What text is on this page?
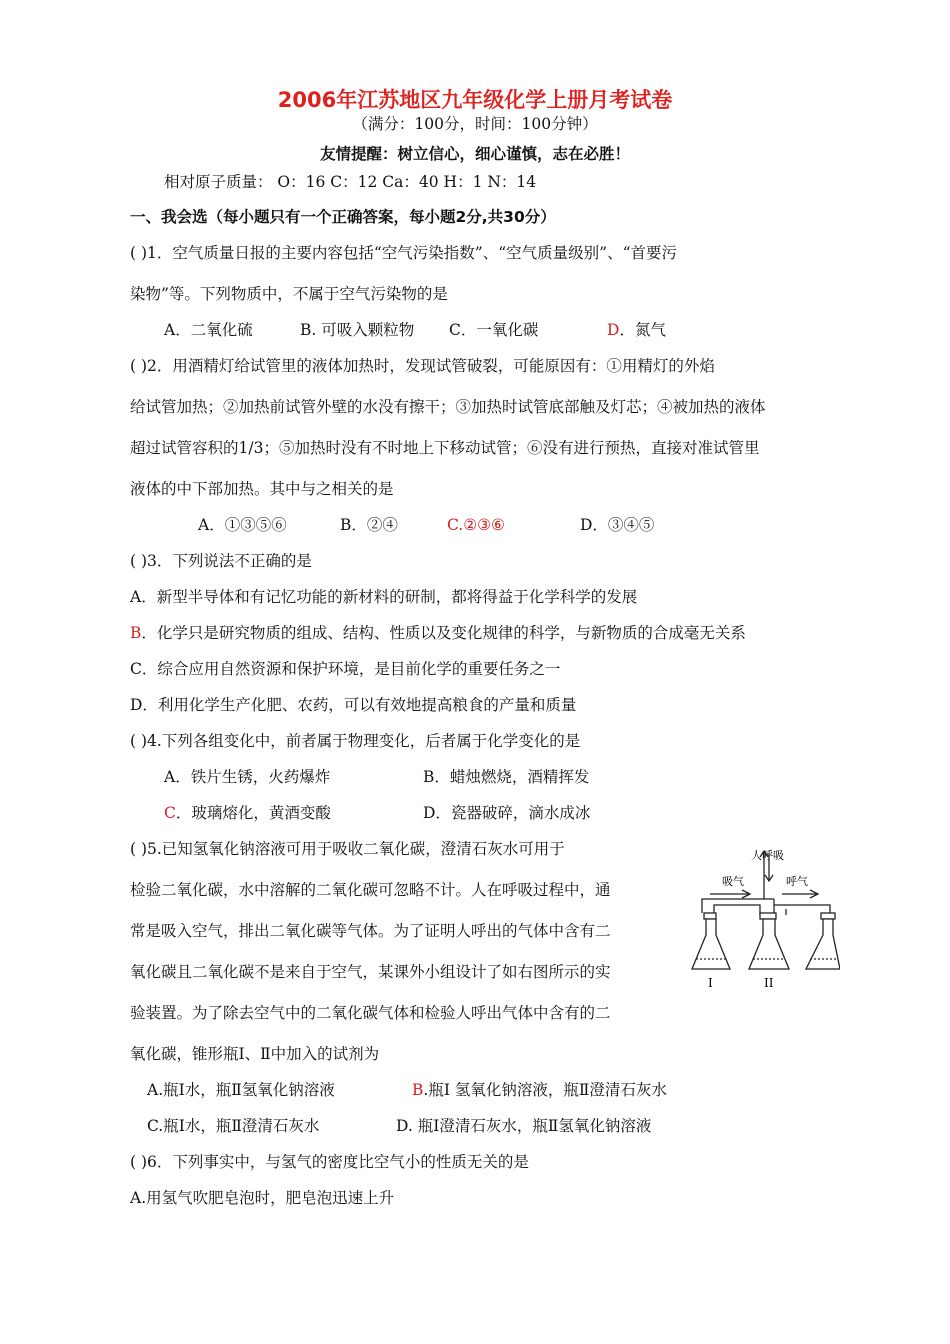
2006年江苏地区九年级化学上册月考试卷
（满分：100分，时间：100分钟）
友情提醒：树立信心，细心谨慎，志在必胜！
相对原子质量： O：16 C：12 Ca：40 H：1 N：14
一、我会选（每小题只有一个正确答案，每小题2分,共30分）
( )1．空气质量日报的主要内容包括“空气污染指数”、“空气质量级别”、“首要污
染物”等。下列物质中，不属于空气污染物的是
A．二氧化硫	B. 可吸入颗粒物 C．一氧化碳	D．氮气
( )2．用酒精灯给试管里的液体加热时，发现试管破裂，可能原因有：①用精灯的外焰
给试管加热；②加热前试管外壁的水没有擦干；③加热时试管底部触及灯芯；④被加热的液体
超过试管容积的1/3；⑤加热时没有不时地上下移动试管；⑥没有进行预热，直接对准试管里
液体的中下部加热。其中与之相关的是
A．①③⑤⑥	B．②④	C.②③⑥	D．③④⑤
( )3．下列说法不正确的是
A．新型半导体和有记忆功能的新材料的研制，都将得益于化学科学的发展
B．化学只是研究物质的组成、结构、性质以及变化规律的科学，与新物质的合成毫无关系
C．综合应用自然资源和保护环境，是目前化学的重要任务之一
D．利用化学生产化肥、农药，可以有效地提高粮食的产量和质量
( )4.下列各组变化中，前者属于物理变化，后者属于化学变化的是
A．铁片生锈，火药爆炸	B．蜡烛燃烧，酒精挥发
C．玻璃熔化，黄酒变酸	D．瓷器破碎，滴水成冰
( )5.已知氢氧化钠溶液可用于吸收二氧化碳，澄清石灰水可用于
检验二氧化碳，水中溶解的二氧化碳可忽略不计。人在呼吸过程中，通
常是吸入空气，排出二氧化碳等气体。为了证明人呼出的气体中含有二
氧化碳且二氧化碳不是来自于空气，某课外小组设计了如右图所示的实
验装置。为了除去空气中的二氧化碳气体和检验人呼出气体中含有的二
氧化碳，锥形瓶Ⅰ、Ⅱ中加入的试剂为
A.瓶Ⅰ水，瓶Ⅱ氢氧化钠溶液	B.瓶Ⅰ 氢氧化钠溶液，瓶Ⅱ澄清石灰水
C.瓶Ⅰ水，瓶Ⅱ澄清石灰水	D. 瓶Ⅰ澄清石灰水，瓶Ⅱ氢氧化钠溶液
人呼吸
吸气	呼气
I	II
( )6．下列事实中，与氢气的密度比空气小的性质无关的是
A.用氢气吹肥皂泡时，肥皂泡迅速上升
